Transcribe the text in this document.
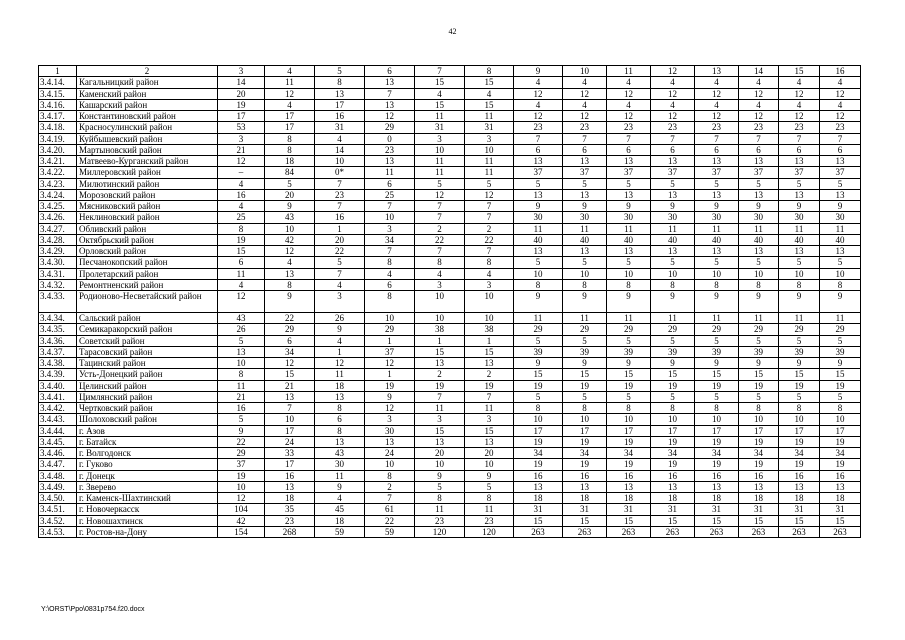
42
1	2	3	4	5	6	7	8	9	10	11	12	13	14	15	16
3.4.14.	Кагальницкий район	14	11	8	13	15	15	4	4	4	4	4	4	4	4
3.4.15.	Каменский район	20	12	13	7	4	4	12	12	12	12	12	12	12	12
3.4.16.	Кашарский район	19	4	17	13	15	15	4	4	4	4	4	4	4	4
3.4.17.	Константиновский район	17	17	16	12	11	11	12	12	12	12	12	12	12	12
3.4.18.	Красносулинский район	53	17	31	29	31	31	23	23	23	23	23	23	23	23
3.4.19.	Куйбышевский район	3	8	4	0	3	3	7	7	7	7	7	7	7	7
3.4.20.	Мартыновский район	21	8	14	23	10	10	6	6	6	6	6	6	6	6
3.4.21.	Матвеево-Курганский район	12	18	10	13	11	11	13	13	13	13	13	13	13	13
3.4.22.	Миллеровский район	–	84	0*	11	11	11	37	37	37	37	37	37	37	37
3.4.23.	Милютинский район	4	5	7	6	5	5	5	5	5	5	5	5	5	5
3.4.24.	Морозовский район	16	20	23	25	12	12	13	13	13	13	13	13	13	13
3.4.25.	Мясниковский район	4	9	7	7	7	7	9	9	9	9	9	9	9	9
3.4.26.	Неклиновский район	25	43	16	10	7	7	30	30	30	30	30	30	30	30
3.4.27.	Обливский район	8	10	1	3	2	2	11	11	11	11	11	11	11	11
3.4.28.	Октябрьский район	19	42	20	34	22	22	40	40	40	40	40	40	40	40
3.4.29.	Орловский район	15	12	22	7	7	7	13	13	13	13	13	13	13	13
3.4.30.	Песчанокопский район	6	4	5	8	8	8	5	5	5	5	5	5	5	5
3.4.31.	Пролетарский район	11	13	7	4	4	4	10	10	10	10	10	10	10	10
3.4.32.	Ремонтненский район	4	8	4	6	3	3	8	8	8	8	8	8	8	8
3.4.33.	Родионово-Несветайский район	12	9	3	8	10	10	9	9	9	9	9	9	9	9
3.4.34.	Сальский район	43	22	26	10	10	10	11	11	11	11	11	11	11	11
3.4.35.	Семикаракорский район	26	29	9	29	38	38	29	29	29	29	29	29	29	29
3.4.36.	Советский район	5	6	4	1	1	1	5	5	5	5	5	5	5	5
3.4.37.	Тарасовский район	13	34	1	37	15	15	39	39	39	39	39	39	39	39
3.4.38.	Тацинский район	10	12	12	12	13	13	9	9	9	9	9	9	9	9
3.4.39.	Усть-Донецкий район	8	15	11	1	2	2	15	15	15	15	15	15	15	15
3.4.40.	Целинский район	11	21	18	19	19	19	19	19	19	19	19	19	19	19
3.4.41.	Цимлянский район	21	13	13	9	7	7	5	5	5	5	5	5	5	5
3.4.42.	Чертковский район	16	7	8	12	11	11	8	8	8	8	8	8	8	8
3.4.43.	Шолоховский район	5	10	6	3	3	3	10	10	10	10	10	10	10	10
3.4.44.	г. Азов	9	17	8	30	15	15	17	17	17	17	17	17	17	17
3.4.45.	г. Батайск	22	24	13	13	13	13	19	19	19	19	19	19	19	19
3.4.46.	г. Волгодонск	29	33	43	24	20	20	34	34	34	34	34	34	34	34
3.4.47.	г. Гуково	37	17	30	10	10	10	19	19	19	19	19	19	19	19
3.4.48.	г. Донецк	19	16	11	8	9	9	16	16	16	16	16	16	16	16
3.4.49.	г. Зверево	10	13	9	2	5	5	13	13	13	13	13	13	13	13
3.4.50.	г. Каменск-Шахтинский	12	18	4	7	8	8	18	18	18	18	18	18	18	18
3.4.51.	г. Новочеркасск	104	35	45	61	11	11	31	31	31	31	31	31	31	31
3.4.52.	г. Новошахтинск	42	23	18	22	23	23	15	15	15	15	15	15	15	15
3.4.53.	г. Ростов-на-Дону	154	268	59	59	120	120	263	263	263	263	263	263	263	263
Y:\ORST\Ppo\0831p754.f20.docx
